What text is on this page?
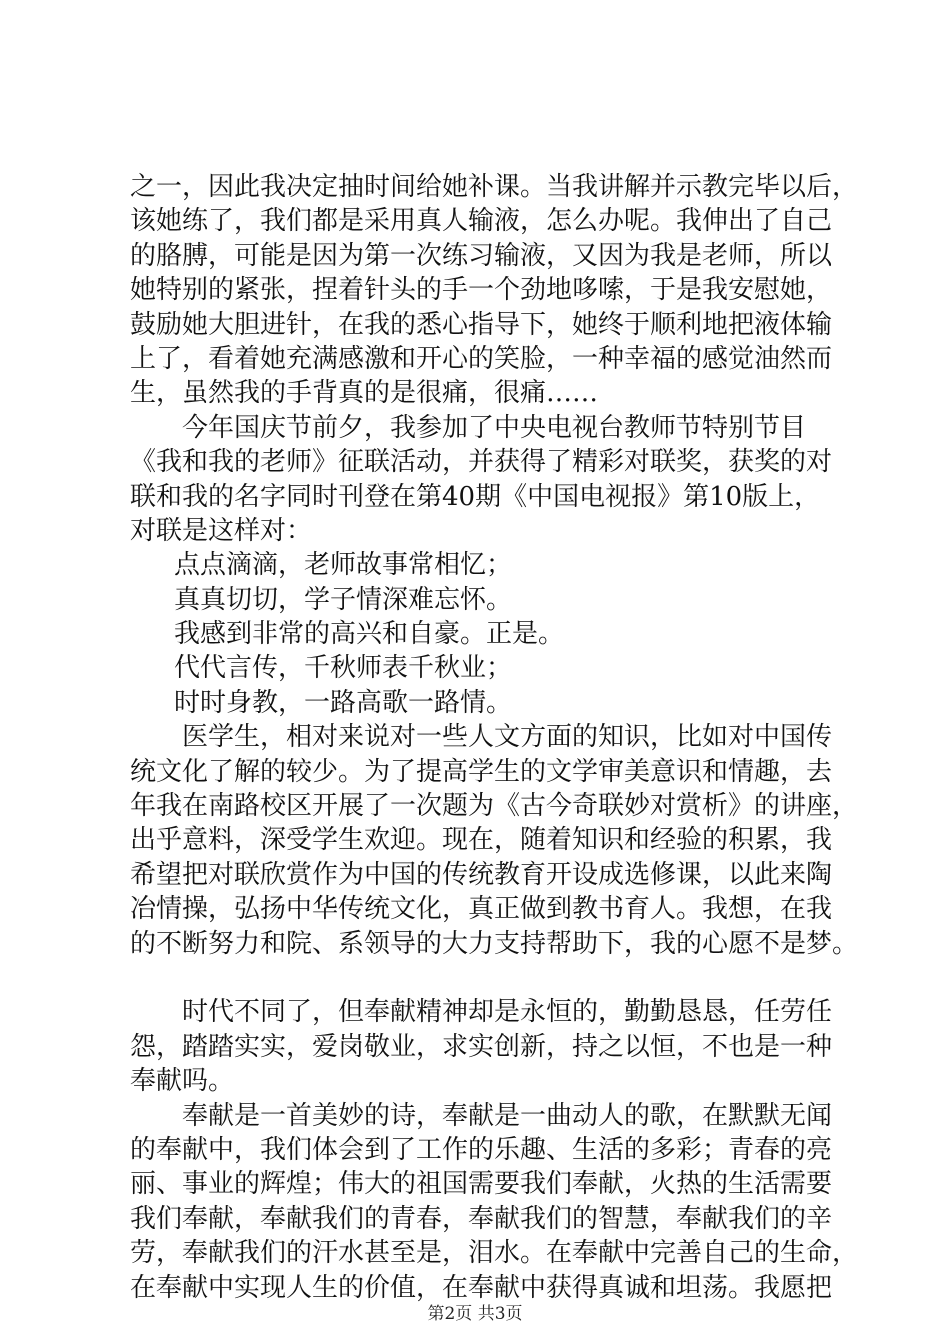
之一，因此我决定抽时间给她补课。当我讲解并示教完毕以后，
该她练了，我们都是采用真人输液，怎么办呢。我伸出了自己
的胳膊，可能是因为第一次练习输液，又因为我是老师，所以
她特别的紧张，捏着针头的手一个劲地哆嗦，于是我安慰她，
鼓励她大胆进针，在我的悉心指导下，她终于顺利地把液体输
上了，看着她充满感激和开心的笑脸，一种幸福的感觉油然而
生，虽然我的手背真的是很痛，很痛……
今年国庆节前夕，我参加了中央电视台教师节特别节目
《我和我的老师》征联活动，并获得了精彩对联奖，获奖的对
联和我的名字同时刊登在第40期《中国电视报》第10版上，
对联是这样对：
点点滴滴，老师故事常相忆；
真真切切，学子情深难忘怀。
我感到非常的高兴和自豪。正是。
代代言传，千秋师表千秋业；
时时身教，一路高歌一路情。
医学生，相对来说对一些人文方面的知识，比如对中国传
统文化了解的较少。为了提高学生的文学审美意识和情趣，去
年我在南路校区开展了一次题为《古今奇联妙对赏析》的讲座，
出乎意料，深受学生欢迎。现在，随着知识和经验的积累，我
希望把对联欣赏作为中国的传统教育开设成选修课，以此来陶
冶情操，弘扬中华传统文化，真正做到教书育人。我想，在我
的不断努力和院、系领导的大力支持帮助下，我的心愿不是梦。
时代不同了，但奉献精神却是永恒的，勤勤恳恳，任劳任
怨，踏踏实实，爱岗敬业，求实创新，持之以恒，不也是一种
奉献吗。
奉献是一首美妙的诗，奉献是一曲动人的歌，在默默无闻
的奉献中，我们体会到了工作的乐趣、生活的多彩；青春的亮
丽、事业的辉煌；伟大的祖国需要我们奉献，火热的生活需要
我们奉献，奉献我们的青春，奉献我们的智慧，奉献我们的辛
劳，奉献我们的汗水甚至是，泪水。在奉献中完善自己的生命，
在奉献中实现人生的价值，在奉献中获得真诚和坦荡。我愿把
第2页 共3页
